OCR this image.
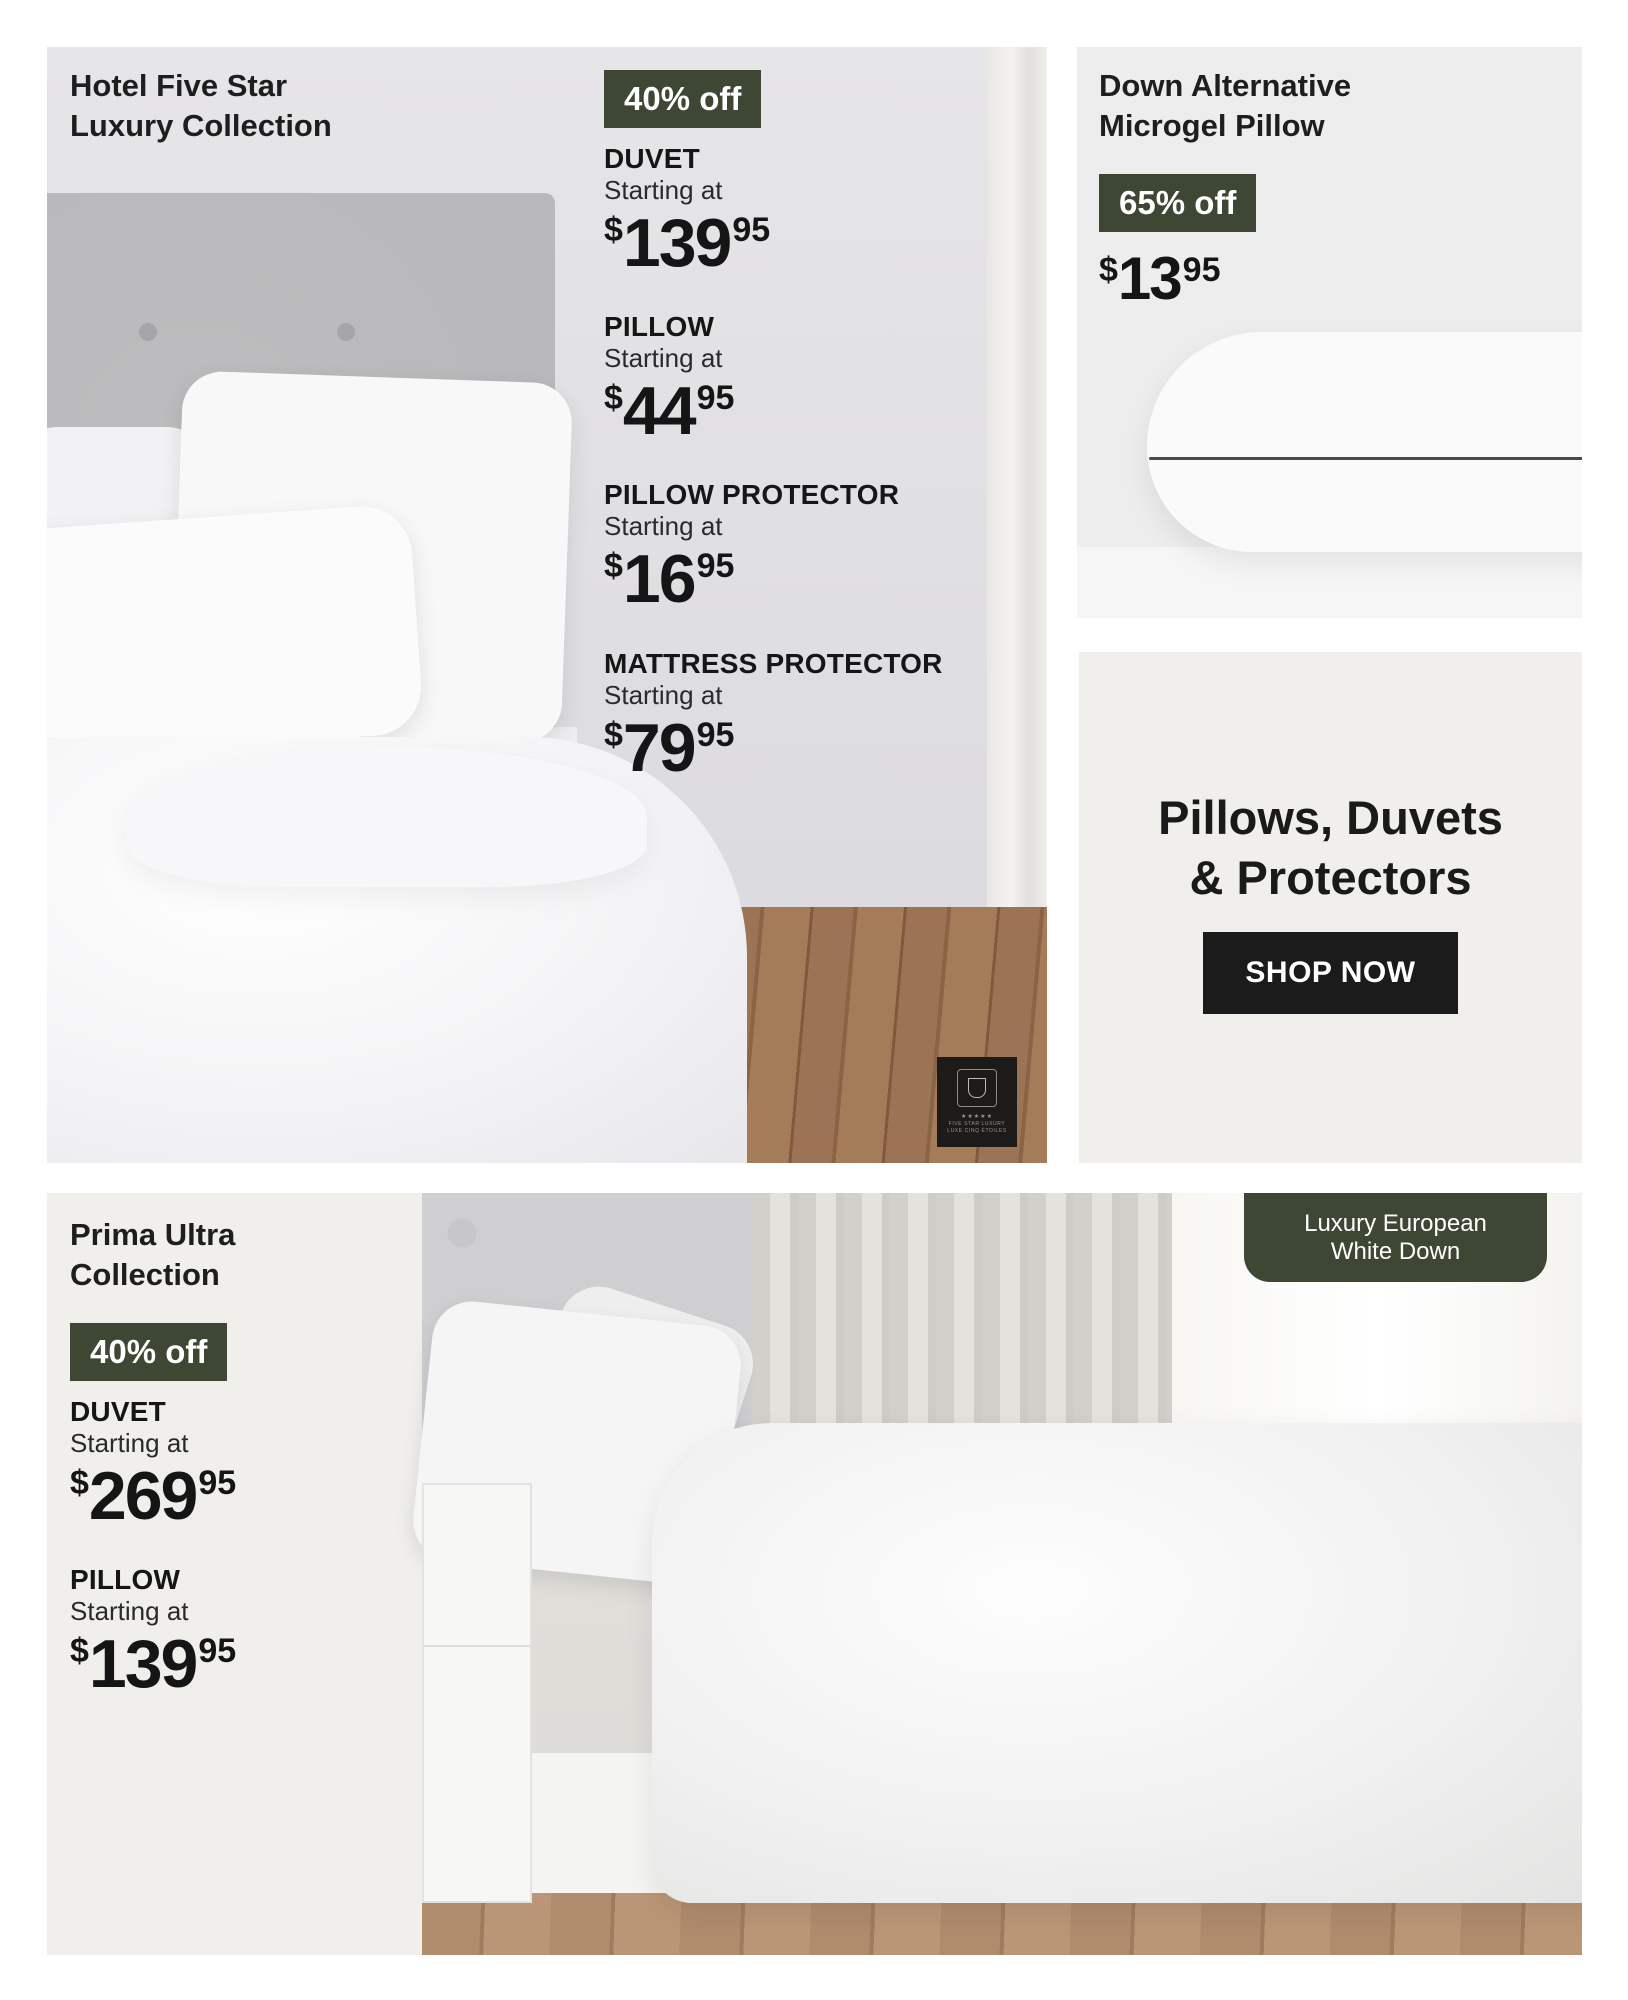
★★★★★
FIVE STAR LUXURY
LUXE CINQ ÉTOILES
Hotel Five Star
Luxury Collection
40% off
DUVET
Starting at
$13995
PILLOW
Starting at
$4495
PILLOW PROTECTOR
Starting at
$1695
MATTRESS PROTECTOR
Starting at
$7995
Down Alternative
Microgel Pillow
65% off
$1395
Pillows, Duvets
& Protectors
SHOP NOW
Prima Ultra
Collection
40% off
DUVET
Starting at
$26995
PILLOW
Starting at
$13995
Luxury European
White Down
